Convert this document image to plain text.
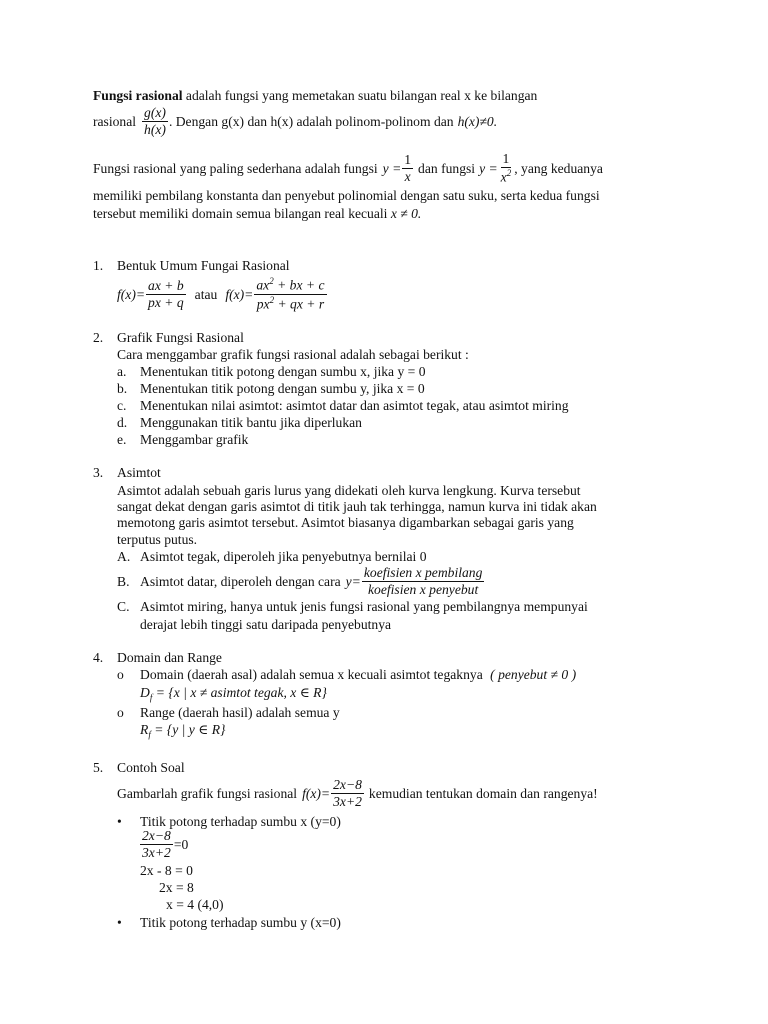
Fungsi rasional adalah fungsi yang memetakan suatu bilangan real x ke bilangan
rasional $\frac{g(x)}{h(x)}$ . Dengan g(x) dan h(x) adalah polinom-polinom dan h(x)≠0.
Fungsi rasional yang paling sederhana adalah fungsi $y = \frac{1}{x}$ dan fungsi $y = \frac{1}{x^2}$ , yang keduanya
memiliki pembilang konstanta dan penyebut polinomial dengan satu suku, serta kedua fungsi
tersebut memiliki domain semua bilangan real kecuali x ≠ 0.
1. Bentuk Umum Fungai Rasional
$f(x)= \frac{ax + b}{px + q}$ atau $f(x)= \frac{ax^2 + bx + c}{px^2 + qx + r}$
2. Grafik Fungsi Rasional
Cara menggambar grafik fungsi rasional adalah sebagai berikut :
a. Menentukan titik potong dengan sumbu x, jika y = 0
b. Menentukan titik potong dengan sumbu y, jika x = 0
c. Menentukan nilai asimtot: asimtot datar dan asimtot tegak, atau asimtot miring
d. Menggunakan titik bantu jika diperlukan
e. Menggambar grafik
3. Asimtot
Asimtot adalah sebuah garis lurus yang didekati oleh kurva lengkung. Kurva tersebut
sangat dekat dengan garis asimtot di titik jauh tak terhingga, namun kurva ini tidak akan
memotong garis asimtot tersebut. Asimtot biasanya digambarkan sebagai garis yang
terputus putus.
A. Asimtot tegak, diperoleh jika penyebutnya bernilai 0
B. Asimtot datar, diperoleh dengan cara $y= \frac{\text{koefisien x pembilang}}{\text{koefisien x penyebut}}$
C. Asimtot miring, hanya untuk jenis fungsi rasional yang pembilangnya mempunyai
derajat lebih tinggi satu daripada penyebutnya
4. Domain dan Range
o Domain (daerah asal) adalah semua x kecuali asimtot tegaknya ( penyebut ≠ 0 )
$D_f = \{x$ | x ≠ asimtot tegak, x ∈ R}
o Range (daerah hasil) adalah semua y
$R_f = \{y$ | y ∈ R}
5. Contoh Soal
Gambarlah grafik fungsi rasional $f(x)= \frac{2x-8}{3x+2}$ kemudian tentukan domain dan rangenya!
• Titik potong terhadap sumbu x (y=0)
$\frac{2x-8}{3x+2} =0$
2x - 8 = 0
2x = 8
x = 4 (4,0)
• Titik potong terhadap sumbu y (x=0)
